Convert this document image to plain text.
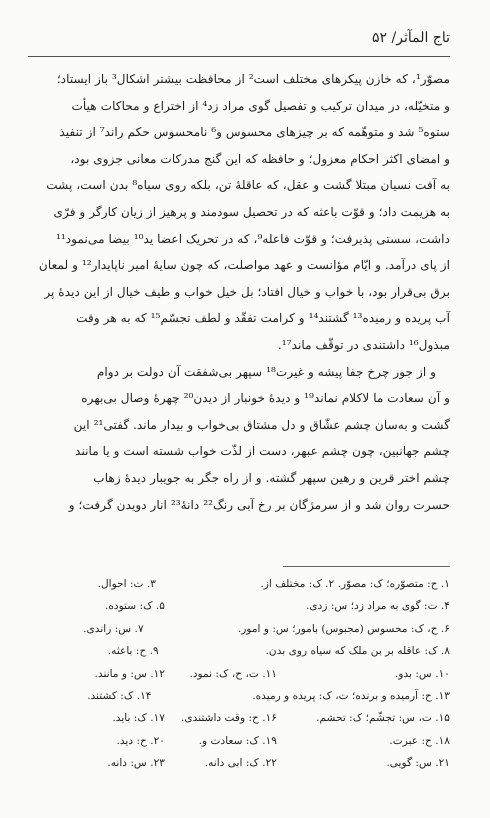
تاج المآثر/ ۵۲
مصوّر¹، که خازن پیکرهای مختلف است² از محافظت بیشتر اشکال³ باز ایستاد؛
و متخیّله، در میدان ترکیب و تفصیل گوی مراد زد⁴ از اختراع و محاکات هیأت
ستوه⁵ شد و متوهّمه که بر چیزهای محسوس و⁶ نامحسوس حکم راند⁷ از تنفیذ
و امضای اکثر احکام معزول؛ و حافظه که این گنج مدرکات معانی جزوی بود،
به آفت نسیان مبتلا گشت و عقل، که عاقلهٔ تن، بلکه روی سیاه⁸ بدن است، پشت
به هزیمت داد؛ و قوّت باعثه که در تحصیل سودمند و پرهیز از زیان کارگر و فرّی
داشت، سستی پذیرفت؛ و قوّت فاعله⁹، که در تحریک اعضا ید¹⁰ بیضا می‌نمود¹¹
از پای درآمد. و ایّام مؤانست و عهد مواصلت، که چون سایهٔ امیر ناپایدار¹² و لمعان
برق بی‌قرار بود، با خواب و خیال افتاد؛ بل خیل خواب و طیف خیال از این دیدهٔ پر
آب پریده و رمیده¹³ گشتند¹⁴ و کرامت تفقّد و لطف تجسّم¹⁵ که به هر وقت
مبذول¹⁶ داشتندی در توقّف ماند¹⁷.
و از جور چرخ جفا پیشه و غیرت¹⁸ سپهر بی‌شفقت آن دولت بر دوام
و آن سعادت ما لاکلام نماند¹⁹ و دیدهٔ خونبار از دیدن²⁰ چهرهٔ وصال بی‌بهره
گشت و به‌سان چشم عشّاق و دل مشتاق بی‌خواب و بیدار ماند. گفتی²¹ این
چشم جهانبین، چون چشم عبهر، دست از لذّت خواب شسته است و یا مانند
چشم اختر قرین و رهین سپهر گشته. و از راه جگر به جویبار دیدهٔ زهاب
حسرت روان شد و از سرمژگان بر رخ آبی رنگ²² دانهٔ²³ انار دو‌یدن گرفت؛ و
۱. ح: متصوّره؛ ک: مصوّر. ۲. ک: مختلف از.
۳. ت: احوال.
۴. ت: گوی به مراد زد؛ س: زدی.
۵. ک: ستوده.
۶. ح، ک: محسوس (مجبوس) بامور؛ س: و امور.
۷. س: راندی.
۸. ک: عاقله بر بن ملک که سیاه روی بدن.
۹. ح: باعثه.
۱۰. س: بدو.
۱۱. ت، ح، ک: نمود.
۱۲. س: و مانند.
۱۳. ح: آرمیده و برنده؛ ت، ک: پریده و رمیده.
۱۴. ک: کشتند.
۱۵. ت، س: تجشّم؛ ک: تحشم.
۱۶. ح: وقت داشتندی.
۱۷. ک: باید.
۱۸. ح: عبرت.
۱۹. ک: سعادت و.
۲۰. ح: دید.
۲۱. س: گویی.
۲۲. ک: ابی دانه.
۲۳. س: دانه.
